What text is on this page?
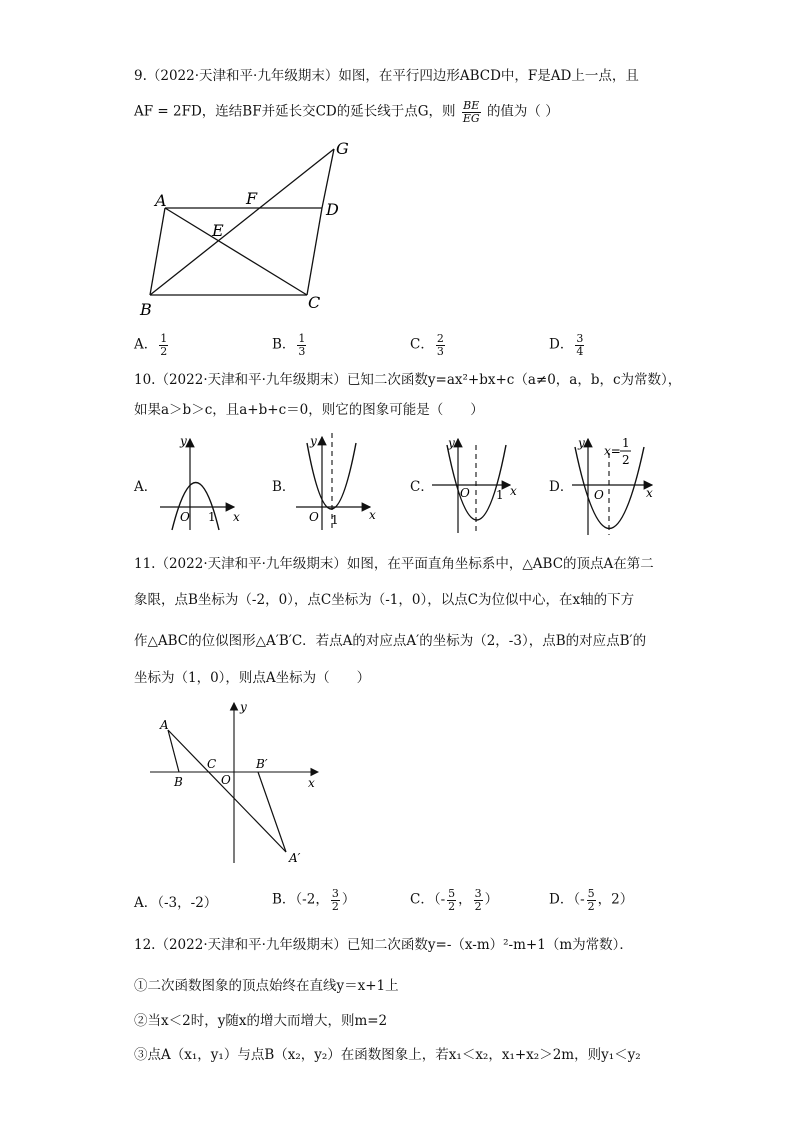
9.（2022·天津和平·九年级期末）如图，在平行四边形ABCD中，F是AD上一点，且
AF = 2FD，连结BF并延长交CD的延长线于点G，则 $\frac{BE}{EG}$ 的值为（ ）
A	F
D
E
G
B	C
A． $\frac{1}{2}$	B． $\frac{1}{3}$	C． $\frac{2}{3}$	D． $\frac{3}{4}$
10.（2022·天津和平·九年级期末）已知二次函数y=ax²+bx+c（a≠0，a，b，c为常数），
如果a＞b＞c，且a+b+c＝0，则它的图象可能是（　　）
A．	B．	C．	D．
y
x
O 1
y
x
O 1
y
x
O 1
y
x
O
x=
1
2
11.（2022·天津和平·九年级期末）如图，在平面直角坐标系中，△ABC的顶点A在第二
象限，点B坐标为（-2，0），点C坐标为（-1，0），以点C为位似中心，在x轴的下方
作△ABC的位似图形△A′B′C．若点A的对应点A′的坐标为（2，-3），点B的对应点B′的
坐标为（1，0），则点A坐标为（　　）
A
B
C
O
B′
A′
x
y
A．（-3，-2）	B．（-2， $\frac{3}{2}$ ）	C．（- $\frac{5}{2}$ ， $\frac{3}{2}$ ）	D．（- $\frac{5}{2}$ ，2）
12.（2022·天津和平·九年级期末）已知二次函数y=-（x-m）²-m+1（m为常数）．
①二次函数图象的顶点始终在直线y＝x+1上
②当x＜2时，y随x的增大而增大，则m=2
③点A（x₁，y₁）与点B（x₂，y₂）在函数图象上，若x₁＜x₂，x₁+x₂＞2m，则y₁＜y₂
